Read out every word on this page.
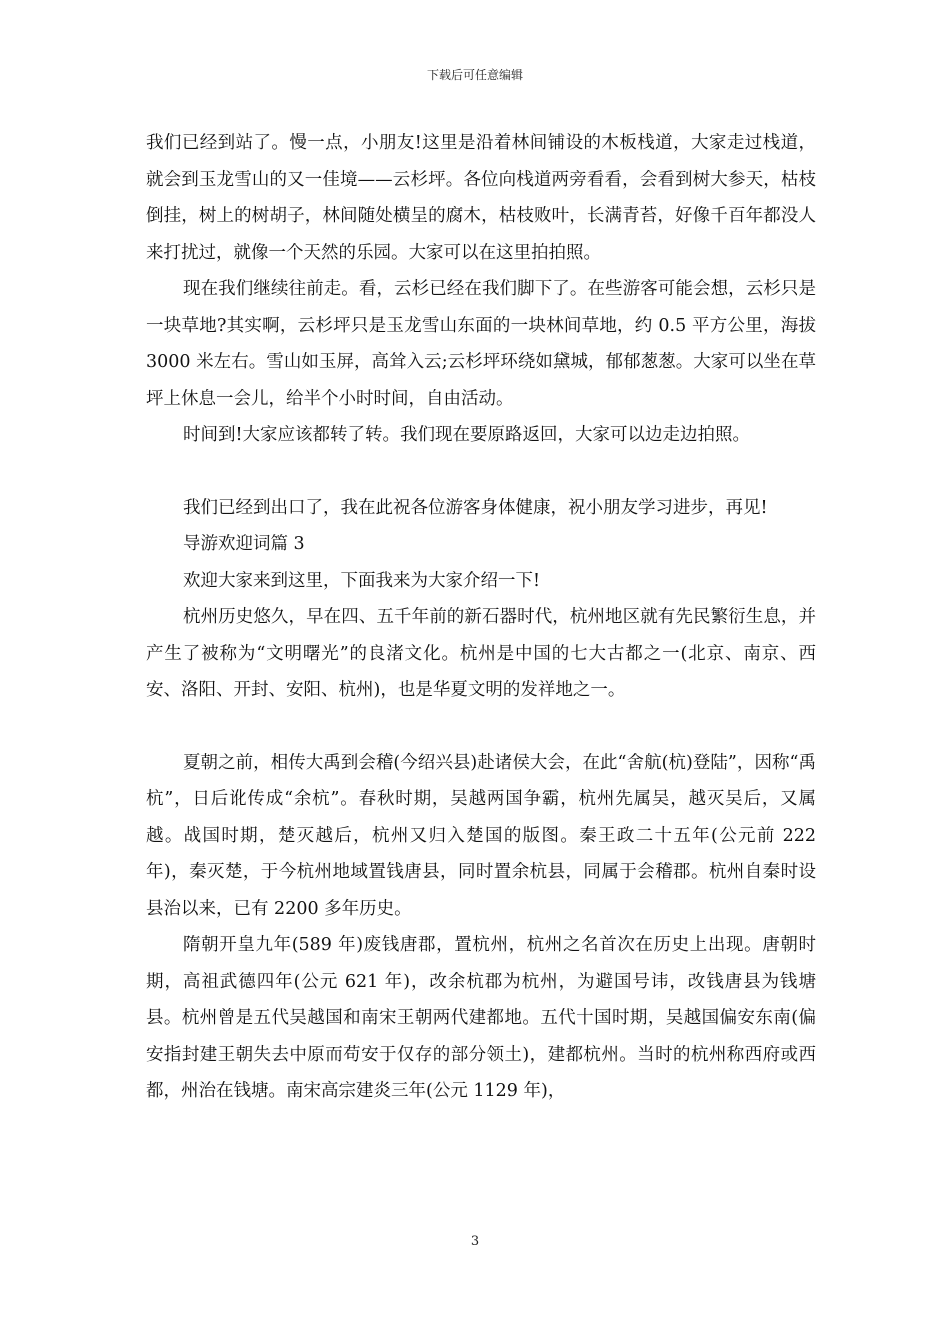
下载后可任意编辑

我们已经到站了。慢一点，小朋友!这里是沿着林间铺设的木板栈道，大家走过栈道，就会到玉龙雪山的又一佳境——云杉坪。各位向栈道两旁看看，会看到树大参天，枯枝倒挂，树上的树胡子，林间随处横呈的腐木，枯枝败叶，长满青苔，好像千百年都没人来打扰过，就像一个天然的乐园。大家可以在这里拍拍照。

现在我们继续往前走。看，云杉已经在我们脚下了。在些游客可能会想，云杉只是一块草地?其实啊，云杉坪只是玉龙雪山东面的一块林间草地，约 0.5 平方公里，海拔 3000 米左右。雪山如玉屏，高耸入云;云杉坪环绕如黛城，郁郁葱葱。大家可以坐在草坪上休息一会儿，给半个小时时间，自由活动。

时间到!大家应该都转了转。我们现在要原路返回，大家可以边走边拍照。

我们已经到出口了，我在此祝各位游客身体健康，祝小朋友学习进步，再见!

导游欢迎词篇 3

欢迎大家来到这里，下面我来为大家介绍一下!

杭州历史悠久，早在四、五千年前的新石器时代，杭州地区就有先民繁衍生息，并产生了被称为“文明曙光”的良渚文化。杭州是中国的七大古都之一(北京、南京、西安、洛阳、开封、安阳、杭州)，也是华夏文明的发祥地之一。

夏朝之前，相传大禹到会稽(今绍兴县)赴诸侯大会，在此“舍航(杭)登陆”，因称“禹杭”，日后讹传成“余杭”。春秋时期，吴越两国争霸，杭州先属吴，越灭吴后，又属越。战国时期，楚灭越后，杭州又归入楚国的版图。秦王政二十五年(公元前 222 年)，秦灭楚，于今杭州地域置钱唐县，同时置余杭县，同属于会稽郡。杭州自秦时设县治以来，已有 2200 多年历史。

隋朝开皇九年(589 年)废钱唐郡，置杭州，杭州之名首次在历史上出现。唐朝时期，高祖武德四年(公元 621 年)，改余杭郡为杭州，为避国号讳，改钱唐县为钱塘县。杭州曾是五代吴越国和南宋王朝两代建都地。五代十国时期，吴越国偏安东南(偏安指封建王朝失去中原而苟安于仅存的部分领土)，建都杭州。当时的杭州称西府或西都，州治在钱塘。南宋高宗建炎三年(公元 1129 年)，

3
